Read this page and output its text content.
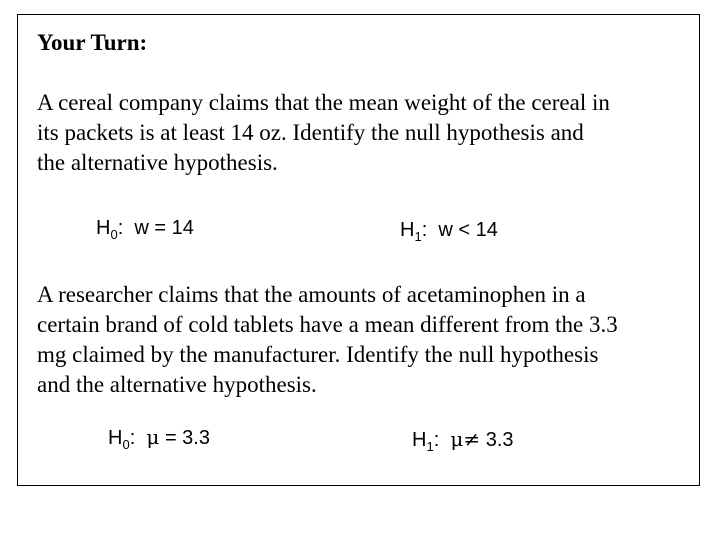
Your Turn:
A cereal company claims that the mean weight of the cereal in
its packets is at least 14 oz. Identify the null hypothesis and
the alternative hypothesis.
$H_0$: w = 14	$H_1$: w < 14
A researcher claims that the amounts of acetaminophen in a
certain brand of cold tablets have a mean different from the 3.3
mg claimed by the manufacturer. Identify the null hypothesis
and the alternative hypothesis.
$H_0$: μ = 3.3	$H_1$: μ≠ 3.3
